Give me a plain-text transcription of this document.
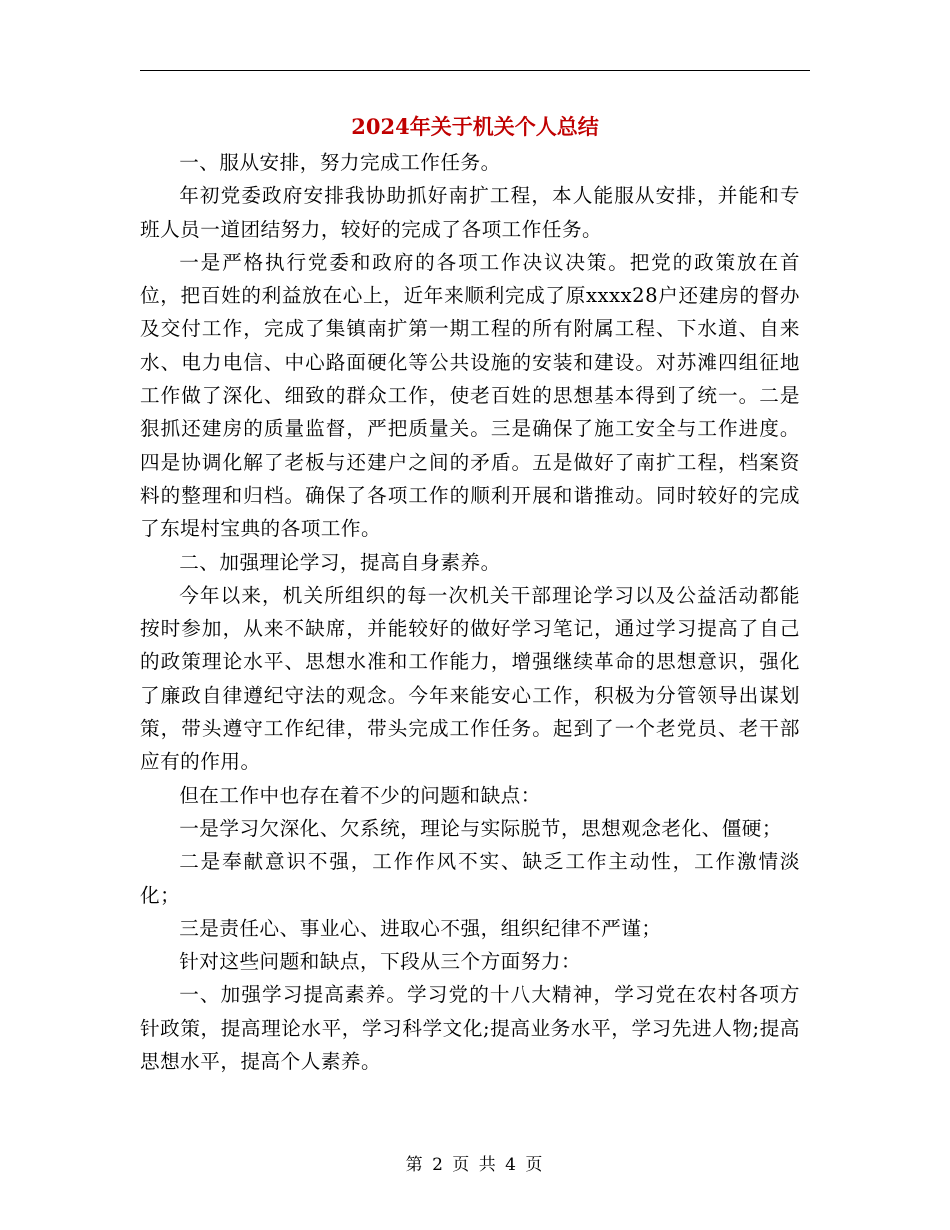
2024年关于机关个人总结

一、服从安排，努力完成工作任务。

年初党委政府安排我协助抓好南扩工程，本人能服从安排，并能和专班人员一道团结努力，较好的完成了各项工作任务。

一是严格执行党委和政府的各项工作决议决策。把党的政策放在首位，把百姓的利益放在心上，近年来顺利完成了原xxxx28户还建房的督办及交付工作，完成了集镇南扩第一期工程的所有附属工程、下水道、自来水、电力电信、中心路面硬化等公共设施的安装和建设。对苏滩四组征地工作做了深化、细致的群众工作，使老百姓的思想基本得到了统一。二是狠抓还建房的质量监督，严把质量关。三是确保了施工安全与工作进度。四是协调化解了老板与还建户之间的矛盾。五是做好了南扩工程，档案资料的整理和归档。确保了各项工作的顺利开展和谐推动。同时较好的完成了东堤村宝典的各项工作。

二、加强理论学习，提高自身素养。

今年以来，机关所组织的每一次机关干部理论学习以及公益活动都能按时参加，从来不缺席，并能较好的做好学习笔记，通过学习提高了自己的政策理论水平、思想水准和工作能力，增强继续革命的思想意识，强化了廉政自律遵纪守法的观念。今年来能安心工作，积极为分管领导出谋划策，带头遵守工作纪律，带头完成工作任务。起到了一个老党员、老干部应有的作用。

但在工作中也存在着不少的问题和缺点：

一是学习欠深化、欠系统，理论与实际脱节，思想观念老化、僵硬；

二是奉献意识不强，工作作风不实、缺乏工作主动性，工作激情淡化；

三是责任心、事业心、进取心不强，组织纪律不严谨；

针对这些问题和缺点，下段从三个方面努力：

一、加强学习提高素养。学习党的十八大精神，学习党在农村各项方针政策，提高理论水平，学习科学文化;提高业务水平，学习先进人物;提高思想水平，提高个人素养。

第 2 页 共 4 页
